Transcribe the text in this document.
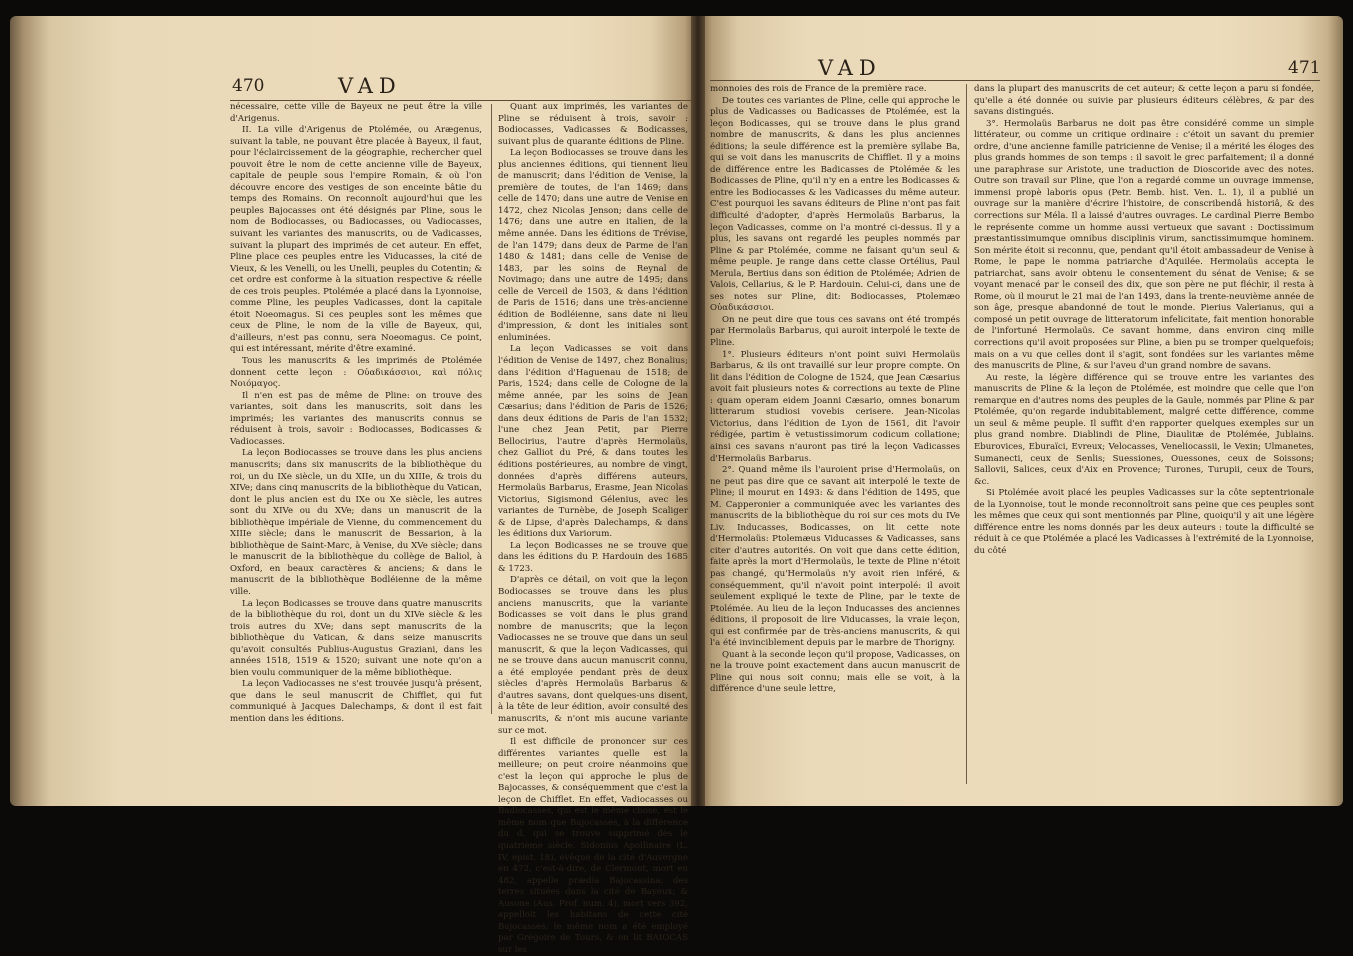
470	VAD

nécessaire, cette ville de Bayeux ne peut être la ville d'Arigenus.

II. La ville d'Arigenus de Ptolémée, ou Arægenus, suivant la table, ne pouvant être placée à Bayeux, il faut, pour l'éclaircissement de la géographie, rechercher quel pouvoit être le nom de cette ancienne ville de Bayeux, capitale de peuple sous l'empire Romain, & où l'on découvre encore des vestiges de son enceinte bâtie du temps des Romains. On reconnoît aujourd'hui que les peuples Bajocasses ont été désignés par Pline, sous le nom de Bodiocasses, ou Badiocasses, ou Vadiocasses, suivant les variantes des manuscrits, ou de Vadicasses, suivant la plupart des imprimés de cet auteur. En effet, Pline place ces peuples entre les Viducasses, la cité de Vieux, & les Venelli, ou les Unelli, peuples du Cotentin; & cet ordre est conforme à la situation respective & réelle de ces trois peuples. Ptolémée a placé dans la Lyonnoise, comme Pline, les peuples Vadicasses, dont la capitale étoit Noeomagus. Si ces peuples sont les mêmes que ceux de Pline, le nom de la ville de Bayeux, qui, d'ailleurs, n'est pas connu, sera Noeomagus. Ce point, qui est intéressant, mérite d'être examiné.

Tous les manuscrits & les imprimés de Ptolémée donnent cette leçon : Οὐαδικάσσιοι, καὶ πόλις Νοιόμαγος.

Il n'en est pas de même de Pline: on trouve des variantes, soit dans les manuscrits, soit dans les imprimés; les variantes des manuscrits connus se réduisent à trois, savoir : Bodiocasses, Bodicasses & Vadiocasses.

La leçon Bodiocasses se trouve dans les plus anciens manuscrits; dans six manuscrits de la bibliothèque du roi, un du IXe siècle, un du XIIe, un du XIIIe, & trois du XIVe; dans cinq manuscrits de la bibliothèque du Vatican, dont le plus ancien est du IXe ou Xe siècle, les autres sont du XIVe ou du XVe; dans un manuscrit de la bibliothèque impériale de Vienne, du commencement du XIIIe siècle; dans le manuscrit de Bessarion, à la bibliothèque de Saint-Marc, à Venise, du XVe siècle; dans le manuscrit de la bibliothèque du collège de Baliol, à Oxford, en beaux caractères & anciens; & dans le manuscrit de la bibliothèque Bodléienne de la même ville.

La leçon Bodicasses se trouve dans quatre manuscrits de la bibliothèque du roi, dont un du XIVe siècle & les trois autres du XVe; dans sept manuscrits de la bibliothèque du Vatican, & dans seize manuscrits qu'avoit consultés Publius-Augustus Graziani, dans les années 1518, 1519 & 1520; suivant une note qu'on a bien voulu communiquer de la même bibliothèque.

La leçon Vadiocasses ne s'est trouvée jusqu'à présent, que dans le seul manuscrit de Chifflet, qui fut communiqué à Jacques Dalechamps, & dont il est fait mention dans les éditions.

Quant aux imprimés, les variantes de Pline se réduisent à trois, savoir : Bodiocasses, Vadicasses & Bodicasses, suivant plus de quarante éditions de Pline.

La leçon Bodiocasses se trouve dans les plus anciennes éditions, qui tiennent lieu de manuscrit; dans l'édition de Venise, la première de toutes, de l'an 1469; dans celle de 1470; dans une autre de Venise en 1472, chez Nicolas Jenson; dans celle de 1476; dans une autre en italien, de la même année. Dans les éditions de Trévise, de l'an 1479; dans deux de Parme de l'an 1480 & 1481; dans celle de Venise de 1483, par les soins de Reynal de Novimago; dans une autre de 1495; dans celle de Verceil de 1503, & dans l'édition de Paris de 1516; dans une très-ancienne édition de Bodléienne, sans date ni lieu d'impression, & dont les initiales sont enluminées.

La leçon Vadicasses se voit dans l'édition de Venise de 1497, chez Bonalius; dans l'édition d'Haguenau de 1518; de Paris, 1524; dans celle de Cologne de la même année, par les soins de Jean Cæsarius; dans l'édition de Paris de 1526; dans deux éditions de Paris de l'an 1532; l'une chez Jean Petit, par Pierre Bellocirius, l'autre d'après Hermolaüs, chez Galliot du Pré, & dans toutes les éditions postérieures, au nombre de vingt, données d'après différens auteurs, Hermolaüs Barbarus, Erasme, Jean Nicolas Victorius, Sigismond Gélenius, avec les variantes de Turnèbe, de Joseph Scaliger & de Lipse, d'après Dalechamps, & dans les éditions dux Variorum.

La leçon Bodicasses ne se trouve que dans les éditions du P. Hardouin des 1685 & 1723.

D'après ce détail, on voit que la leçon Bodiocasses se trouve dans les plus anciens manuscrits, que la variante Bodicasses se voit dans le plus grand nombre de manuscrits; que la leçon Vadiocasses ne se trouve que dans un seul manuscrit, & que la leçon Vadicasses, qui ne se trouve dans aucun manuscrit connu, a été employée pendant près de deux siècles d'après Hermolaüs Barbarus & d'autres savans, dont quelques-uns disent, à la tête de leur édition, avoir consulté des manuscrits, & n'ont mis aucune variante sur ce mot.

Il est difficile de prononcer sur ces différentes variantes quelle est la meilleure; on peut croire néanmoins que c'est la leçon qui approche le plus de Bajocasses, & conséquemment que c'est la leçon de Chifflet. En effet, Vadiocasses ou Badiocasses, qui est le même chose, est le même nom que Bajocasses, à la différence du d, qui se trouve supprimé dès le quatrième siècle. Sidonius Apollinaire (L. IV, epist. 18), évêque de la cité d'Auvergne en 472, c'est-à-dire, de Clermont, mort en 482, appelle prædia Bajocassina, des terres situées dans la cité de Bayeux; & Ausone (Aus. Prof. num. 4), mort vers 392, appelloit les habitans de cette cité Bajocasses: le même nom a été employé par Grégoire de Tours, & on lit BAIOCAS sur les

VAD	471

monnoies des rois de France de la première race.

De toutes ces variantes de Pline, celle qui approche le plus de Vadicasses ou Badicasses de Ptolémée, est la leçon Bodicasses, qui se trouve dans le plus grand nombre de manuscrits, & dans les plus anciennes éditions; la seule différence est la première syllabe Ba, qui se voit dans les manuscrits de Chifflet. Il y a moins de différence entre les Badicasses de Ptolémée & les Bodicasses de Pline, qu'il n'y en a entre les Bodicasses & entre les Bodiocasses & les Vadicasses du même auteur. C'est pourquoi les savans éditeurs de Pline n'ont pas fait difficulté d'adopter, d'après Hermolaüs Barbarus, la leçon Vadicasses, comme on l'a montré ci-dessus. Il y a plus, les savans ont regardé les peuples nommés par Pline & par Ptolémée, comme ne faisant qu'un seul & même peuple. Je range dans cette classe Ortélius, Paul Merula, Bertius dans son édition de Ptolémée; Adrien de Valois, Cellarius, & le P. Hardouin. Celui-ci, dans une de ses notes sur Pline, dit: Bodiocasses, Ptolemæo Οὐαδικάσσιοι.

On ne peut dire que tous ces savans ont été trompés par Hermolaüs Barbarus, qui auroit interpolé le texte de Pline.

1°. Plusieurs éditeurs n'ont point suivi Hermolaüs Barbarus, & ils ont travaillé sur leur propre compte. On lit dans l'édition de Cologne de 1524, que Jean Cæsarius avoit fait plusieurs notes & corrections au texte de Pline : quam operam eidem Joanni Cæsario, omnes bonarum litterarum studiosi vovebis cerisere. Jean-Nicolas Victorius, dans l'édition de Lyon de 1561, dit l'avoir rédigée, partim è vetustissimorum codicum collatione; ainsi ces savans n'auront pas tiré la leçon Vadicasses d'Hermolaüs Barbarus.

2°. Quand même ils l'auroient prise d'Hermolaüs, on ne peut pas dire que ce savant ait interpolé le texte de Pline; il mourut en 1493: & dans l'édition de 1495, que M. Capperonier a communiquée avec les variantes des manuscrits de la bibliothèque du roi sur ces mots du IVe Liv. Inducasses, Bodicasses, on lit cette note d'Hermolaüs: Ptolemæus Viducasses & Vadicasses, sans citer d'autres autorités. On voit que dans cette édition, faite après la mort d'Hermolaüs, le texte de Pline n'étoit pas changé, qu'Hermolaüs n'y avoit rien inféré, & conséquemment, qu'il n'avoit point interpolé: il avoit seulement expliqué le texte de Pline, par le texte de Ptolémée. Au lieu de la leçon Inducasses des anciennes éditions, il proposoit de lire Viducasses, la vraie leçon, qui est confirmée par de très-anciens manuscrits, & qui l'a été invinciblement depuis par le marbre de Thorigny.

Quant à la seconde leçon qu'il propose, Vadicasses, on ne la trouve point exactement dans aucun manuscrit de Pline qui nous soit connu; mais elle se voit, à la différence d'une seule lettre,

dans la plupart des manuscrits de cet auteur; & cette leçon a paru si fondée, qu'elle a été donnée ou suivie par plusieurs éditeurs célèbres, & par des savans distingués.

3°. Hermolaüs Barbarus ne doit pas être considéré comme un simple littérateur, ou comme un critique ordinaire : c'étoit un savant du premier ordre, d'une ancienne famille patricienne de Venise; il a mérité les éloges des plus grands hommes de son temps : il savoit le grec parfaitement; il a donné une paraphrase sur Aristote, une traduction de Dioscoride avec des notes. Outre son travail sur Pline, que l'on a regardé comme un ouvrage immense, immensi propè laboris opus (Petr. Bemb. hist. Ven. L. 1), il a publié un ouvrage sur la manière d'écrire l'histoire, de conscribendâ historiâ, & des corrections sur Méla. Il a laissé d'autres ouvrages. Le cardinal Pierre Bembo le représente comme un homme aussi vertueux que savant : Doctissimum præstantissimumque omnibus disciplinis virum, sanctissimumque hominem. Son mérite étoit si reconnu, que, pendant qu'il étoit ambassadeur de Venise à Rome, le pape le nomma patriarche d'Aquilée. Hermolaüs accepta le patriarchat, sans avoir obtenu le consentement du sénat de Venise; & se voyant menacé par le conseil des dix, que son père ne put fléchir, il resta à Rome, où il mourut le 21 mai de l'an 1493, dans la trente-neuvième année de son âge, presque abandonné de tout le monde. Pierius Valerianus, qui a composé un petit ouvrage de litteratorum infelicitate, fait mention honorable de l'infortuné Hermolaüs. Ce savant homme, dans environ cinq mille corrections qu'il avoit proposées sur Pline, a bien pu se tromper quelquefois; mais on a vu que celles dont il s'agit, sont fondées sur les variantes même des manuscrits de Pline, & sur l'aveu d'un grand nombre de savans.

Au reste, la légère différence qui se trouve entre les variantes des manuscrits de Pline & la leçon de Ptolémée, est moindre que celle que l'on remarque en d'autres noms des peuples de la Gaule, nommés par Pline & par Ptolémée, qu'on regarde indubitablement, malgré cette différence, comme un seul & même peuple. Il suffit d'en rapporter quelques exemples sur un plus grand nombre. Diablindi de Pline, Diaulitæ de Ptolémée, Jublains. Eburovices, Eburaïci, Evreux; Velocasses, Veneliocassii, le Vexin; Ulmanetes, Sumanecti, ceux de Senlis; Suessiones, Ouessones, ceux de Soissons; Sallovii, Salices, ceux d'Aix en Provence; Turones, Turupii, ceux de Tours, &c.

Si Ptolémée avoit placé les peuples Vadicasses sur la côte septentrionale de la Lyonnoise, tout le monde reconnoîtroit sans peine que ces peuples sont les mêmes que ceux qui sont mentionnés par Pline, quoiqu'il y ait une légère différence entre les noms donnés par les deux auteurs : toute la difficulté se réduit à ce que Ptolémée a placé les Vadicasses à l'extrémité de la Lyonnoise, du côté
